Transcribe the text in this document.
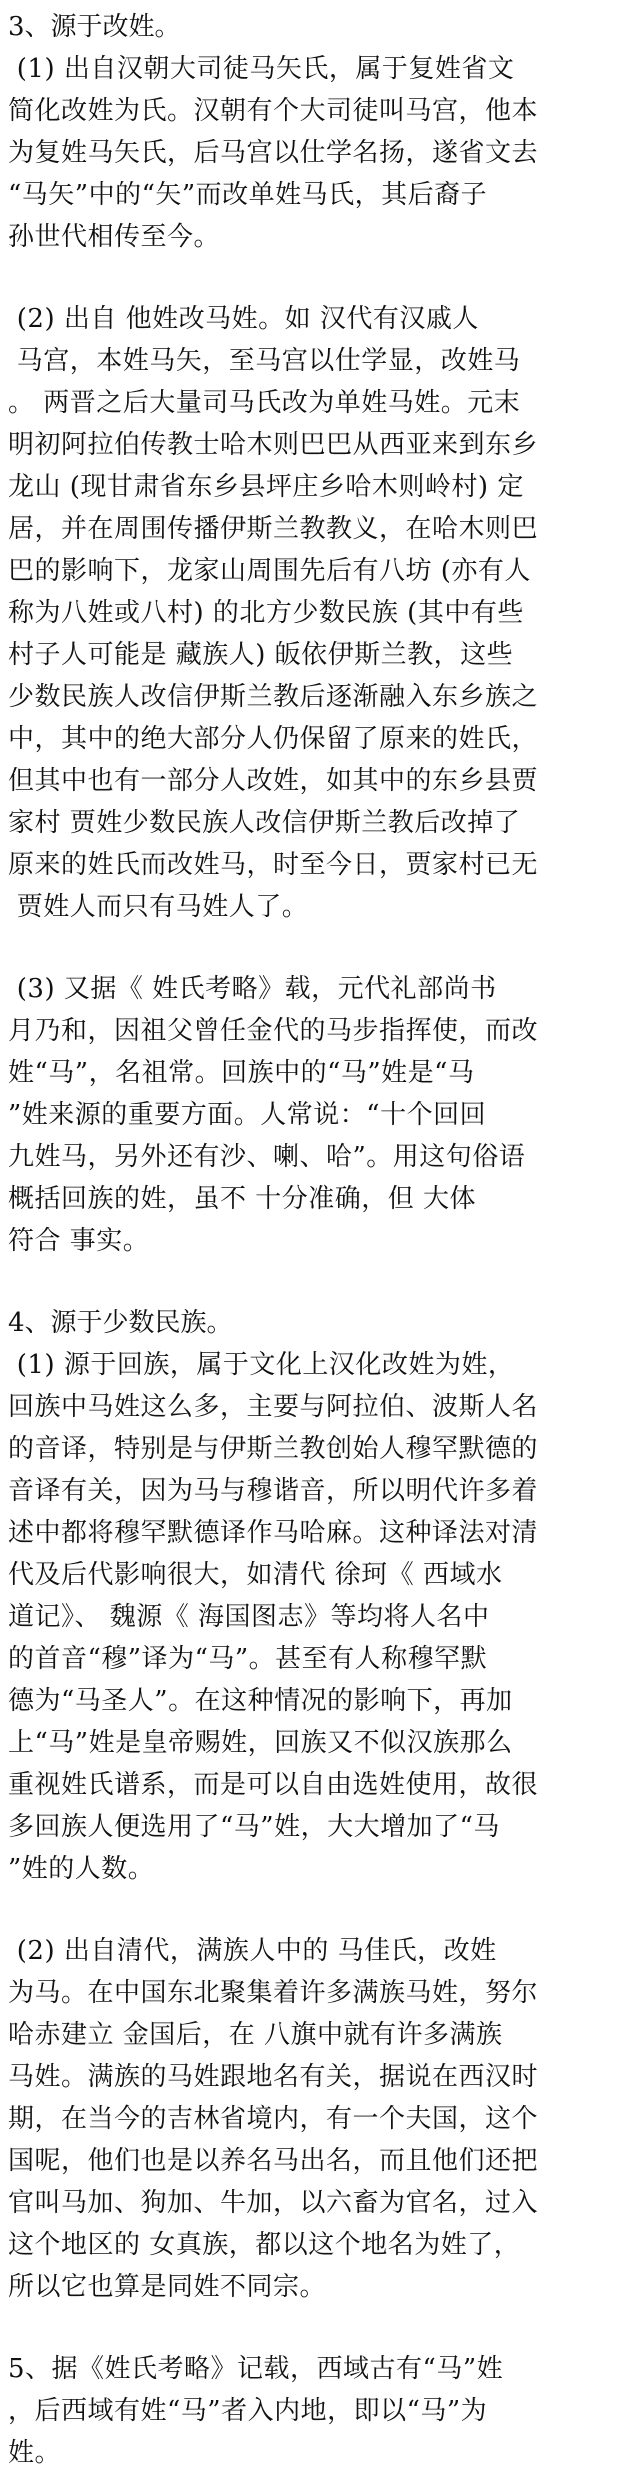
3、源于改姓。
(1) 出自汉朝大司徒马矢氏，属于复姓省文
简化改姓为氏。汉朝有个大司徒叫马宫，他本
为复姓马矢氏，后马宫以仕学名扬，遂省文去
“马矢”中的“矢”而改单姓马氏，其后裔子
孙世代相传至今。
(2) 出自 他姓改马姓。如 汉代有汉戚人
马宫，本姓马矢，至马宫以仕学显，改姓马
。 两晋之后大量司马氏改为单姓马姓。元末
明初阿拉伯传教士哈木则巴巴从西亚来到东乡
龙山 (现甘肃省东乡县坪庄乡哈木则岭村) 定
居，并在周围传播伊斯兰教教义，在哈木则巴
巴的影响下，龙家山周围先后有八坊 (亦有人
称为八姓或八村) 的北方少数民族 (其中有些
村子人可能是 藏族人) 皈依伊斯兰教，这些
少数民族人改信伊斯兰教后逐渐融入东乡族之
中，其中的绝大部分人仍保留了原来的姓氏，
但其中也有一部分人改姓，如其中的东乡县贾
家村 贾姓少数民族人改信伊斯兰教后改掉了
原来的姓氏而改姓马，时至今日，贾家村已无
贾姓人而只有马姓人了。
(3) 又据《 姓氏考略》载，元代礼部尚书
月乃和，因祖父曾任金代的马步指挥使，而改
姓“马”，名祖常。回族中的“马”姓是“马
”姓来源的重要方面。人常说：“十个回回
九姓马，另外还有沙、喇、哈”。用这句俗语
概括回族的姓，虽不 十分准确，但 大体
符合 事实。
4、源于少数民族。
(1) 源于回族，属于文化上汉化改姓为姓，
回族中马姓这么多，主要与阿拉伯、波斯人名
的音译，特别是与伊斯兰教创始人穆罕默德的
音译有关，因为马与穆谐音，所以明代许多着
述中都将穆罕默德译作马哈麻。这种译法对清
代及后代影响很大，如清代 徐珂《 西域水
道记》、 魏源《 海国图志》等均将人名中
的首音“穆”译为“马”。甚至有人称穆罕默
德为“马圣人”。在这种情况的影响下，再加
上“马”姓是皇帝赐姓，回族又不似汉族那么
重视姓氏谱系，而是可以自由选姓使用，故很
多回族人便选用了“马”姓，大大增加了“马
”姓的人数。
(2) 出自清代，满族人中的 马佳氏，改姓
为马。在中国东北聚集着许多满族马姓，努尔
哈赤建立 金国后，在 八旗中就有许多满族
马姓。满族的马姓跟地名有关，据说在西汉时
期，在当今的吉林省境内，有一个夫国，这个
国呢，他们也是以养名马出名，而且他们还把
官叫马加、狗加、牛加，以六畜为官名，过入
这个地区的 女真族，都以这个地名为姓了，
所以它也算是同姓不同宗。
5、据《姓氏考略》记载，西域古有“马”姓
，后西域有姓“马”者入内地，即以“马”为
姓。
